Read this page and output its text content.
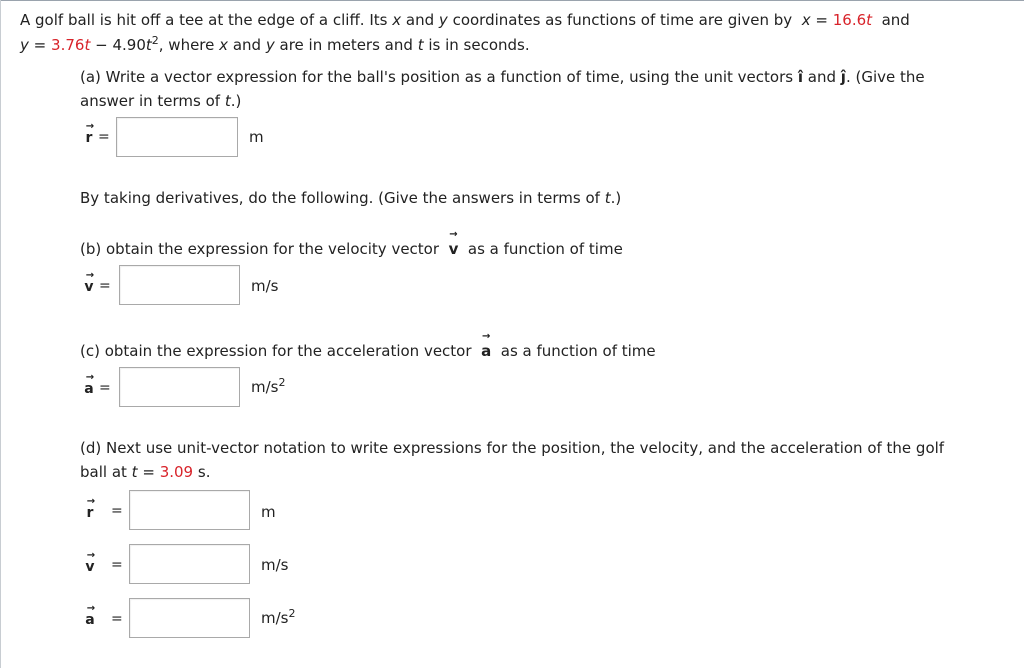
A golf ball is hit off a tee at the edge of a cliff. Its x and y coordinates as functions of time are given by x = 16.6t and
$y = 3.76t - 4.90t^2$, where x and y are in meters and t is in seconds.
(a) Write a vector expression for the ball's position as a function of time, using the unit vectors î and ĵ. (Give the
answer in terms of t.)
→
r =	m
By taking derivatives, do the following. (Give the answers in terms of t.)
(b) obtain the expression for the velocity vector
→
v as a function of time
→
v =	m/s
(c) obtain the expression for the acceleration vector
→
a as a function of time
→
a =	$m/s^2$
(d) Next use unit-vector notation to write expressions for the position, the velocity, and the acceleration of the golf
ball at t = 3.09 s.
→
r =	m
→
v =	m/s
→
a =	$m/s^2$
